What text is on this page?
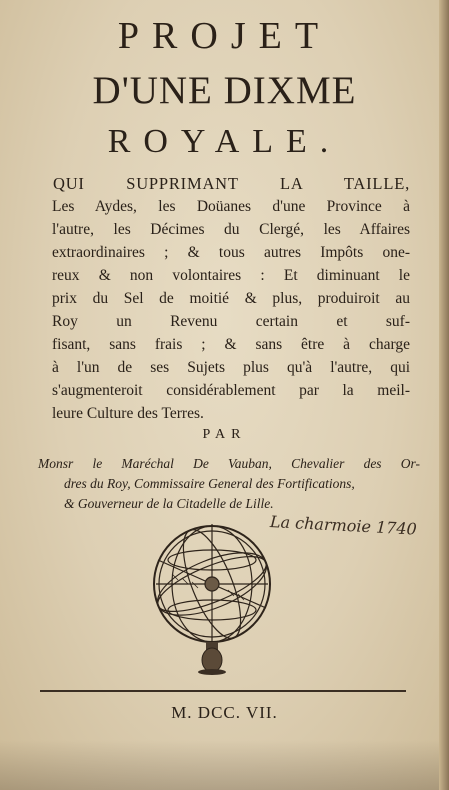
PROJET
D'UNE DIXME
ROYALE.
QUI SUPPRIMANT LA TAILLE,
Les Aydes, les Doüanes d'une Province à
l'autre, les Décimes du Clergé, les Affaires
extraordinaires ; & tous autres Impôts one-
reux & non volontaires : Et diminuant le
prix du Sel de moitié & plus, produiroit au
Roy un Revenu certain et suf-
fisant, sans frais ; & sans être à charge
à l'un de ses Sujets plus qu'à l'autre, qui
s'augmenteroit considérablement par la meil-
leure Culture des Terres.
PAR
Monsr le Maréchal De Vauban, Chevalier des Or-
dres du Roy, Commissaire General des Fortifications,
& Gouverneur de la Citadelle de Lille.
La charmoie 1740
M. DCC. VII.
